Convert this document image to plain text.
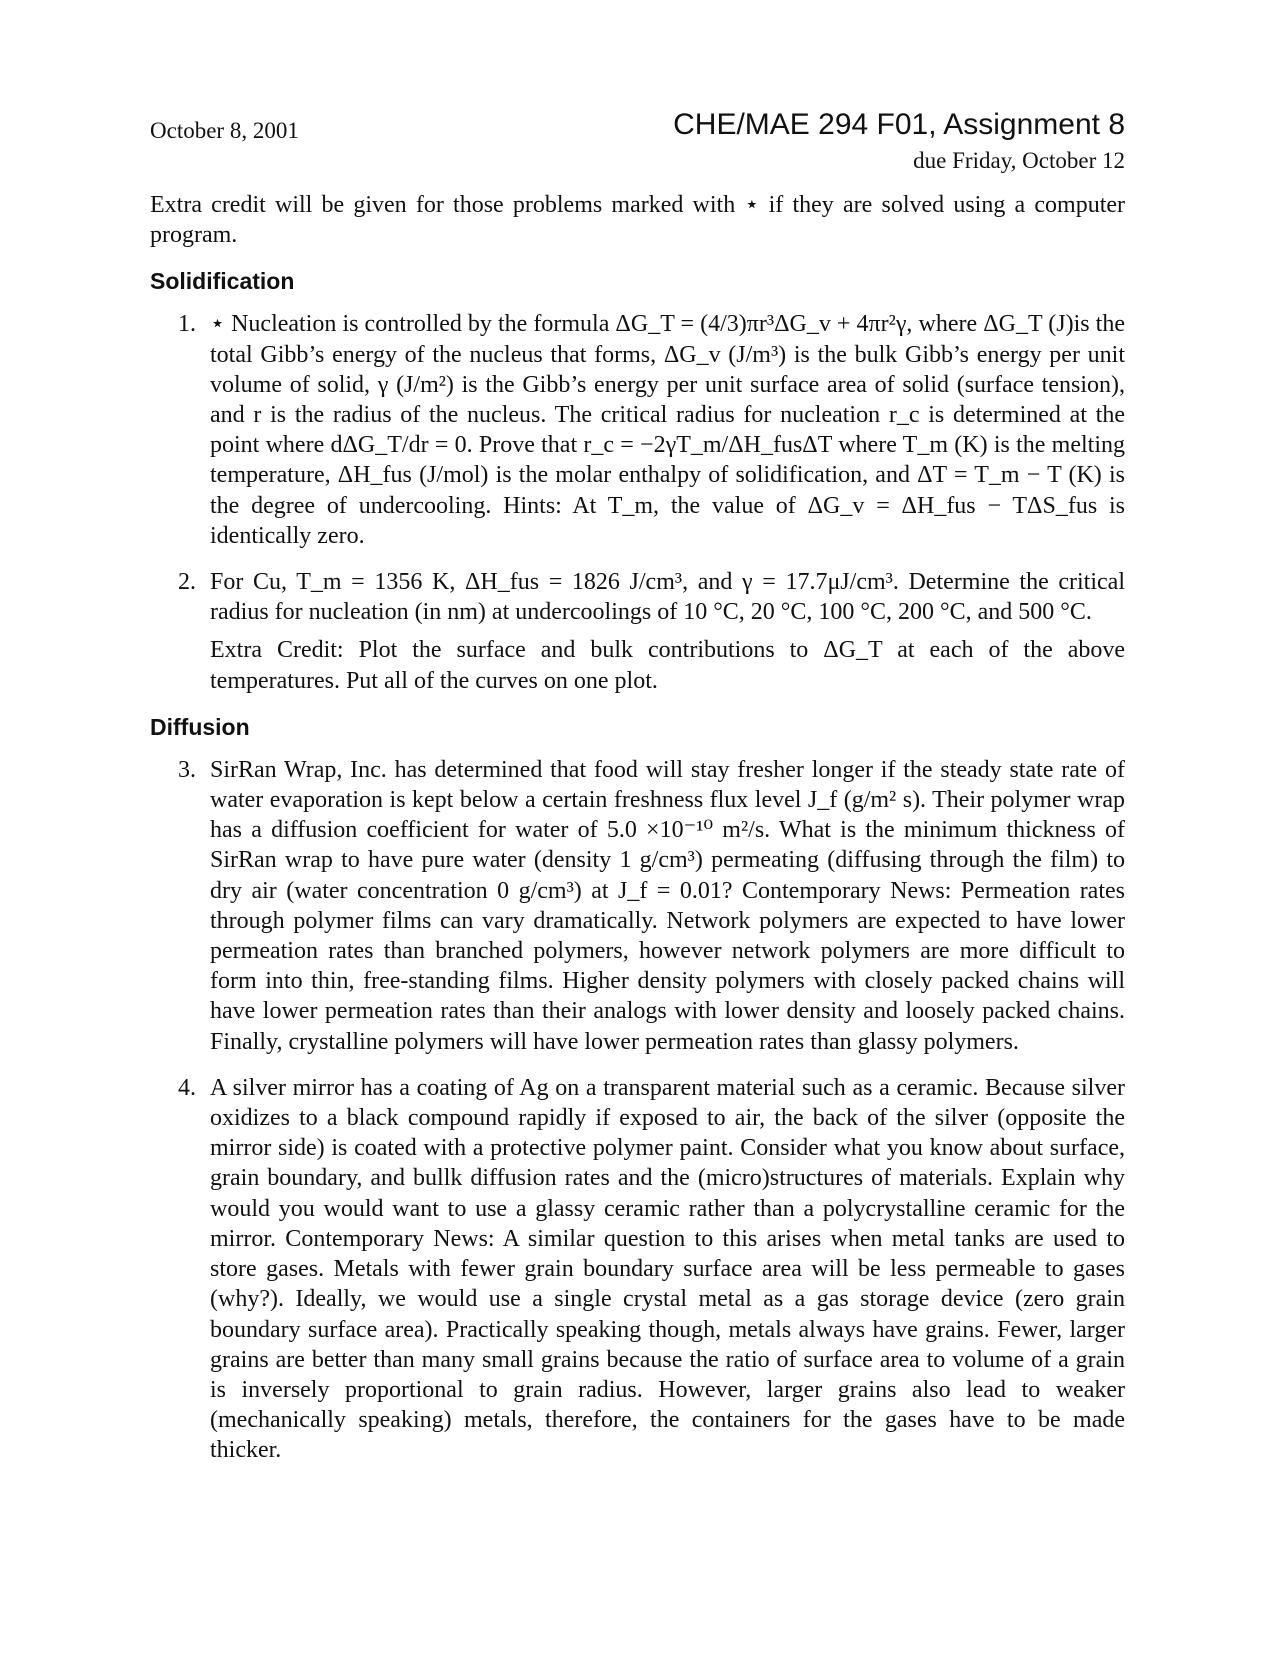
October 8, 2001	CHE/MAE 294 F01, Assignment 8
due Friday, October 12

Extra credit will be given for those problems marked with ⋆ if they are solved using a computer program.

Solidification
1. ⋆ Nucleation is controlled by the formula ΔG_T = (4/3)πr³ΔG_v + 4πr²γ, where ΔG_T (J)is the total Gibb’s energy of the nucleus that forms, ΔG_v (J/m³) is the bulk Gibb’s energy per unit volume of solid, γ (J/m²) is the Gibb’s energy per unit surface area of solid (surface tension), and r is the radius of the nucleus. The critical radius for nucleation r_c is determined at the point where dΔG_T/dr = 0. Prove that r_c = −2γT_m/ΔH_fusΔT where T_m (K) is the melting temperature, ΔH_fus (J/mol) is the molar enthalpy of solidification, and ΔT = T_m − T (K) is the degree of undercooling. Hints: At T_m, the value of ΔG_v = ΔH_fus − TΔS_fus is identically zero.

2. For Cu, T_m = 1356 K, ΔH_fus = 1826 J/cm³, and γ = 17.7μJ/cm³. Determine the critical radius for nucleation (in nm) at undercoolings of 10 °C, 20 °C, 100 °C, 200 °C, and 500 °C.

Extra Credit: Plot the surface and bulk contributions to ΔG_T at each of the above temperatures. Put all of the curves on one plot.

Diffusion
3. SirRan Wrap, Inc. has determined that food will stay fresher longer if the steady state rate of water evaporation is kept below a certain freshness flux level J_f (g/m² s). Their polymer wrap has a diffusion coefficient for water of 5.0 ×10⁻¹⁰ m²/s. What is the minimum thickness of SirRan wrap to have pure water (density 1 g/cm³) permeating (diffusing through the film) to dry air (water concentration 0 g/cm³) at J_f = 0.01? Contemporary News: Permeation rates through polymer films can vary dramatically. Network polymers are expected to have lower permeation rates than branched polymers, however network polymers are more difficult to form into thin, free-standing films. Higher density polymers with closely packed chains will have lower permeation rates than their analogs with lower density and loosely packed chains. Finally, crystalline polymers will have lower permeation rates than glassy polymers.

4. A silver mirror has a coating of Ag on a transparent material such as a ceramic. Because silver oxidizes to a black compound rapidly if exposed to air, the back of the silver (opposite the mirror side) is coated with a protective polymer paint. Consider what you know about surface, grain boundary, and bullk diffusion rates and the (micro)structures of materials. Explain why would you would want to use a glassy ceramic rather than a polycrystalline ceramic for the mirror. Contemporary News: A similar question to this arises when metal tanks are used to store gases. Metals with fewer grain boundary surface area will be less permeable to gases (why?). Ideally, we would use a single crystal metal as a gas storage device (zero grain boundary surface area). Practically speaking though, metals always have grains. Fewer, larger grains are better than many small grains because the ratio of surface area to volume of a grain is inversely proportional to grain radius. However, larger grains also lead to weaker (mechanically speaking) metals, therefore, the containers for the gases have to be made thicker.
